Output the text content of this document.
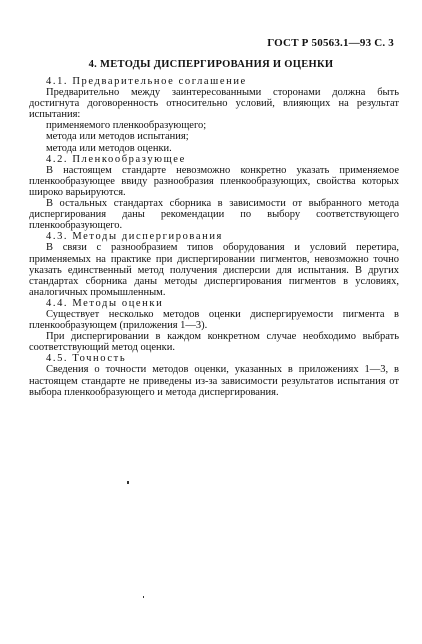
ГОСТ Р 50563.1—93 С. 3
4. МЕТОДЫ ДИСПЕРГИРОВАНИЯ И ОЦЕНКИ

4.1. Предварительное соглашение

Предварительно между заинтересованными сторонами должна быть достигнута договоренность относительно условий, влияющих на результат испытания:

применяемого пленкообразующего;

метода или методов испытания;

метода или методов оценки.

4.2. Пленкообразующее

В настоящем стандарте невозможно конкретно указать применяемое пленкообразующее ввиду разнообразия пленкообразующих, свойства которых широко варьируются.

В остальных стандартах сборника в зависимости от выбранного метода диспергирования даны рекомендации по выбору соответствующего пленкообразующего.

4.3. Методы диспергирования

В связи с разнообразием типов оборудования и условий перетира, применяемых на практике при диспергировании пигментов, невозможно точно указать единственный метод получения дисперсии для испытания. В других стандартах сборника даны методы диспергирования пигментов в условиях, аналогичных промышленным.

4.4. Методы оценки

Существует несколько методов оценки диспергируемости пигмента в пленкообразующем (приложения 1—3).

При диспергировании в каждом конкретном случае необходимо выбрать соответствующий метод оценки.

4.5. Точность

Сведения о точности методов оценки, указанных в приложениях 1—3, в настоящем стандарте не приведены из-за зависимости результатов испытания от выбора пленкообразующего и метода диспергирования.
